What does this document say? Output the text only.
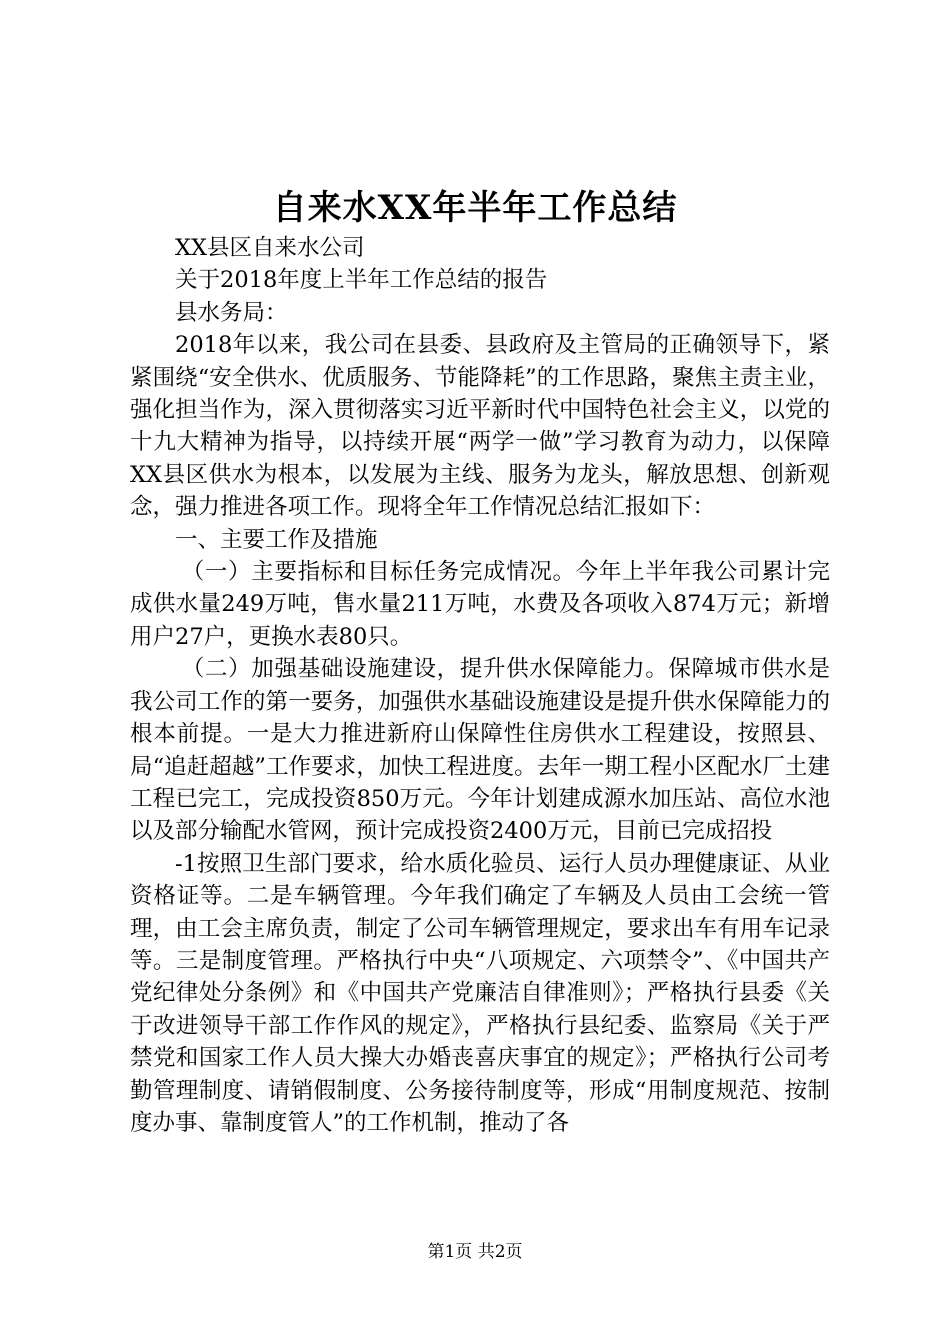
自来水XX年半年工作总结

XX县区自来水公司

关于2018年度上半年工作总结的报告

县水务局：

2018年以来，我公司在县委、县政府及主管局的正确领导下，紧紧围绕“安全供水、优质服务、节能降耗”的工作思路，聚焦主责主业，强化担当作为，深入贯彻落实习近平新时代中国特色社会主义，以党的十九大精神为指导，以持续开展“两学一做”学习教育为动力，以保障XX县区供水为根本，以发展为主线、服务为龙头，解放思想、创新观念，强力推进各项工作。现将全年工作情况总结汇报如下：

一、主要工作及措施

（一）主要指标和目标任务完成情况。今年上半年我公司累计完成供水量249万吨，售水量211万吨，水费及各项收入874万元；新增用户27户，更换水表80只。

（二）加强基础设施建设，提升供水保障能力。保障城市供水是我公司工作的第一要务，加强供水基础设施建设是提升供水保障能力的根本前提。一是大力推进新府山保障性住房供水工程建设，按照县、局“追赶超越”工作要求，加快工程进度。去年一期工程小区配水厂土建工程已完工，完成投资850万元。今年计划建成源水加压站、高位水池以及部分输配水管网，预计完成投资2400万元，目前已完成招投

-1按照卫生部门要求，给水质化验员、运行人员办理健康证、从业资格证等。二是车辆管理。今年我们确定了车辆及人员由工会统一管理，由工会主席负责，制定了公司车辆管理规定，要求出车有用车记录等。三是制度管理。严格执行中央“八项规定、六项禁令”、《中国共产党纪律处分条例》和《中国共产党廉洁自律准则》；严格执行县委《关于改进领导干部工作作风的规定》，严格执行县纪委、监察局《关于严禁党和国家工作人员大操大办婚丧喜庆事宜的规定》；严格执行公司考勤管理制度、请销假制度、公务接待制度等，形成“用制度规范、按制度办事、靠制度管人”的工作机制，推动了各

第1页 共2页
